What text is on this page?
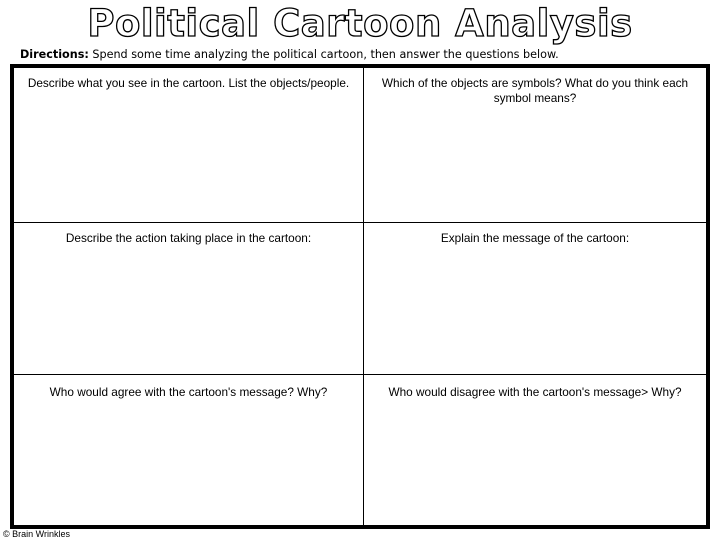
Political Cartoon Analysis
Directions: Spend some time analyzing the political cartoon, then answer the questions below.
Describe what you see in the cartoon. List the objects/people.	Which of the objects are symbols? What do you think each symbol means?
Describe the action taking place in the cartoon:	Explain the message of the cartoon:
Who would agree with the cartoon's message? Why?	Who would disagree with the cartoon's message> Why?
© Brain Wrinkles
